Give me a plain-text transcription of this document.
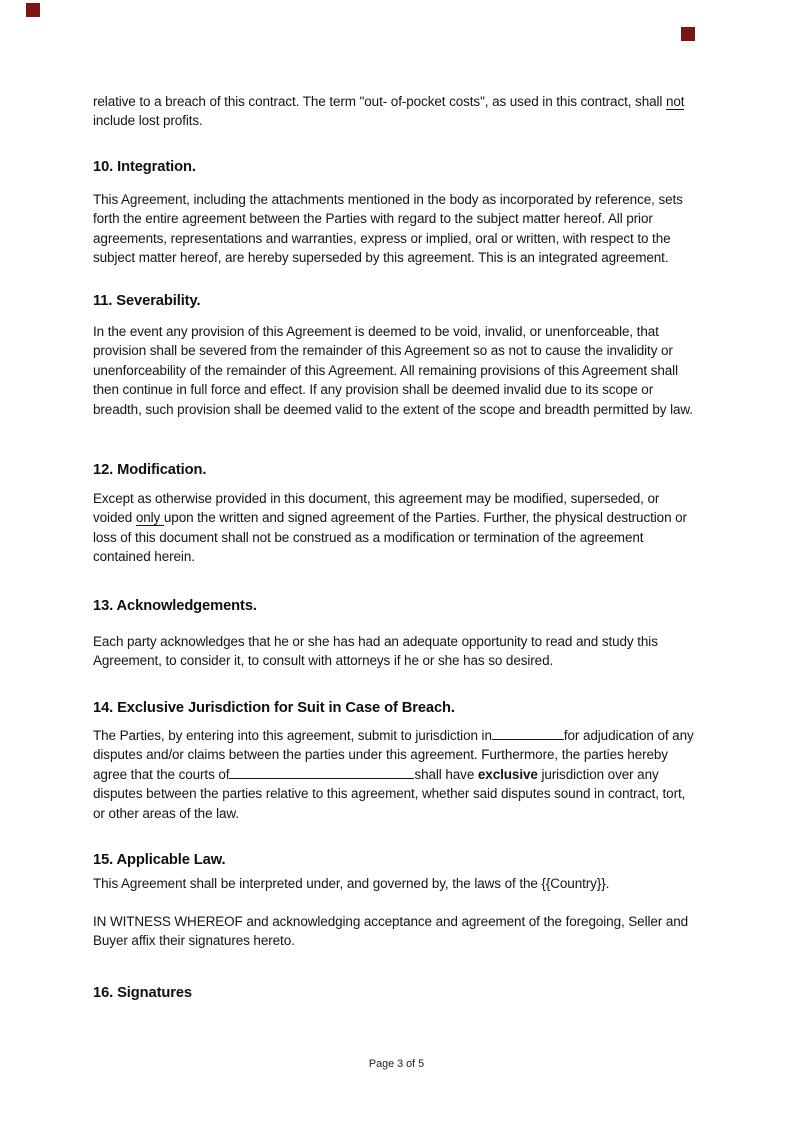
relative to a breach of this contract. The term "out- of-pocket costs", as used in this contract, shall not include lost profits.

10. Integration.

This Agreement, including the attachments mentioned in the body as incorporated by reference, sets forth the entire agreement between the Parties with regard to the subject matter hereof. All prior agreements, representations and warranties, express or implied, oral or written, with respect to the subject matter hereof, are hereby superseded by this agreement. This is an integrated agreement.

11. Severability.

In the event any provision of this Agreement is deemed to be void, invalid, or unenforceable, that provision shall be severed from the remainder of this Agreement so as not to cause the invalidity or unenforceability of the remainder of this Agreement. All remaining provisions of this Agreement shall then continue in full force and effect. If any provision shall be deemed invalid due to its scope or breadth, such provision shall be deemed valid to the extent of the scope and breadth permitted by law.

12. Modification.

Except as otherwise provided in this document, this agreement may be modified, superseded, or voided only upon the written and signed agreement of the Parties. Further, the physical destruction or loss of this document shall not be construed as a modification or termination of the agreement contained herein.

13. Acknowledgements.

Each party acknowledges that he or she has had an adequate opportunity to read and study this Agreement, to consider it, to consult with attorneys if he or she has so desired.

14. Exclusive Jurisdiction for Suit in Case of Breach.

The Parties, by entering into this agreement, submit to jurisdiction in	for adjudication of any disputes and/or claims between the parties under this agreement. Furthermore, the parties hereby agree that the courts of	shall have exclusive jurisdiction over any disputes between the parties relative to this agreement, whether said disputes sound in contract, tort, or other areas of the law.

15. Applicable Law.

This Agreement shall be interpreted under, and governed by, the laws of the {{Country}}.

IN WITNESS WHEREOF and acknowledging acceptance and agreement of the foregoing, Seller and Buyer affix their signatures hereto.

16. Signatures
Page 3 of 5
